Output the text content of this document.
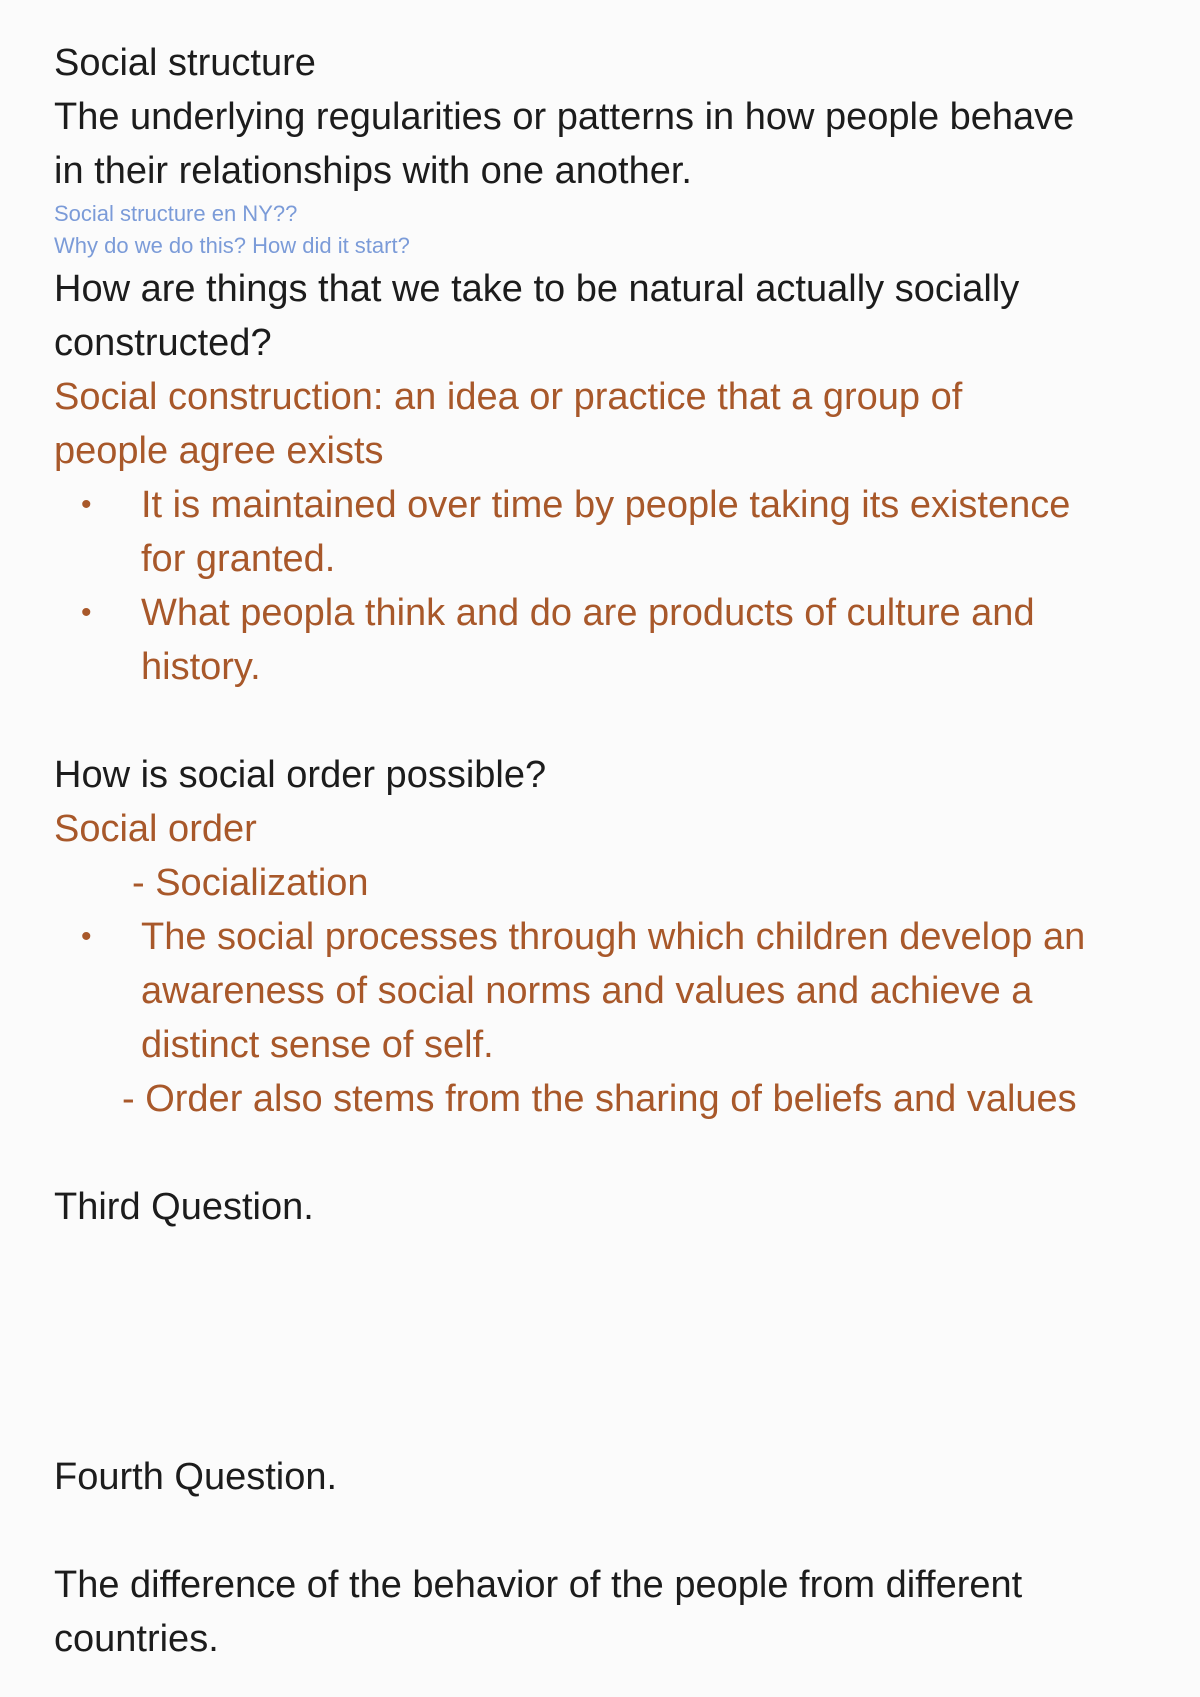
Social structure
The underlying regularities or patterns in how people behave
in their relationships with one another.
Social structure en NY??
Why do we do this? How did it start?
How are things that we take to be natural actually socially
constructed?
Social construction: an idea or practice that a group of
people agree exists
• It is maintained over time by people taking its existence
for granted.
• What peopla think and do are products of culture and
history.
How is social order possible?
Social order
- Socialization
• The social processes through which children develop an
awareness of social norms and values and achieve a
distinct sense of self.
- Order also stems from the sharing of beliefs and values
Third Question.
Fourth Question.
The difference of the behavior of the people from different
countries.
